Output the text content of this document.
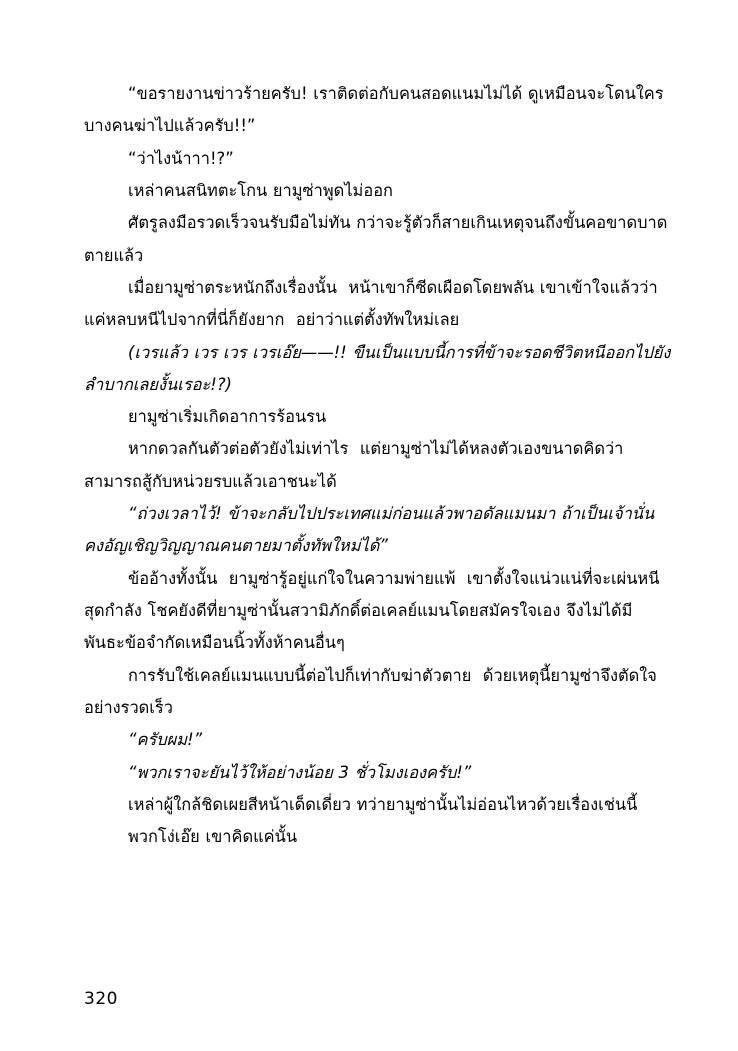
“ขอรายงานข่าวร้ายครับ! เราติดต่อกับคนสอดแนมไม่ได้ ดูเหมือนจะโดนใครบางคนฆ่าไปแล้วครับ!!”

“ว่าไงน้าาา!?”

เหล่าคนสนิทตะโกน ยามูซ่าพูดไม่ออก

ศัตรูลงมือรวดเร็วจนรับมือไม่ทัน กว่าจะรู้ตัวก็สายเกินเหตุจนถึงขั้นคอขาดบาดตายแล้ว

เมื่อยามูซ่าตระหนักถึงเรื่องนั้น  หน้าเขาก็ซีดเผือดโดยพลัน เขาเข้าใจแล้วว่าแค่หลบหนีไปจากที่นี่ก็ยังยาก  อย่าว่าแต่ตั้งทัพใหม่เลย

(เวรแล้ว เวร เวร เวรเอ๊ย——!! ขืนเป็นแบบนี้การที่ข้าจะรอดชีวิตหนีออกไปยังลำบากเลยงั้นเรอะ!?)

ยามูซ่าเริ่มเกิดอาการร้อนรน

หากดวลกันตัวต่อตัวยังไม่เท่าไร  แต่ยามูซ่าไม่ได้หลงตัวเองขนาดคิดว่าสามารถสู้กับหน่วยรบแล้วเอาชนะได้

“ถ่วงเวลาไว้! ข้าจะกลับไปประเทศแม่ก่อนแล้วพาอดัลแมนมา ถ้าเป็นเจ้านั่นคงอัญเชิญวิญญาณคนตายมาตั้งทัพใหม่ได้”

ข้ออ้างทั้งนั้น  ยามูซ่ารู้อยู่แก่ใจในความพ่ายแพ้  เขาตั้งใจแน่วแน่ที่จะเผ่นหนีสุดกำลัง โชคยังดีที่ยามูซ่านั้นสวามิภักดิ์ต่อเคลย์แมนโดยสมัครใจเอง จึงไม่ได้มีพันธะข้อจำกัดเหมือนนิ้วทั้งห้าคนอื่นๆ

การรับใช้เคลย์แมนแบบนี้ต่อไปก็เท่ากับฆ่าตัวตาย  ด้วยเหตุนี้ยามูซ่าจึงตัดใจอย่างรวดเร็ว

“ครับผม!”

“พวกเราจะยันไว้ให้อย่างน้อย 3 ชั่วโมงเองครับ!”

เหล่าผู้ใกล้ชิดเผยสีหน้าเด็ดเดี่ยว ทว่ายามูซ่านั้นไม่อ่อนไหวด้วยเรื่องเช่นนี้

พวกโง่เอ๊ย เขาคิดแค่นั้น

320
